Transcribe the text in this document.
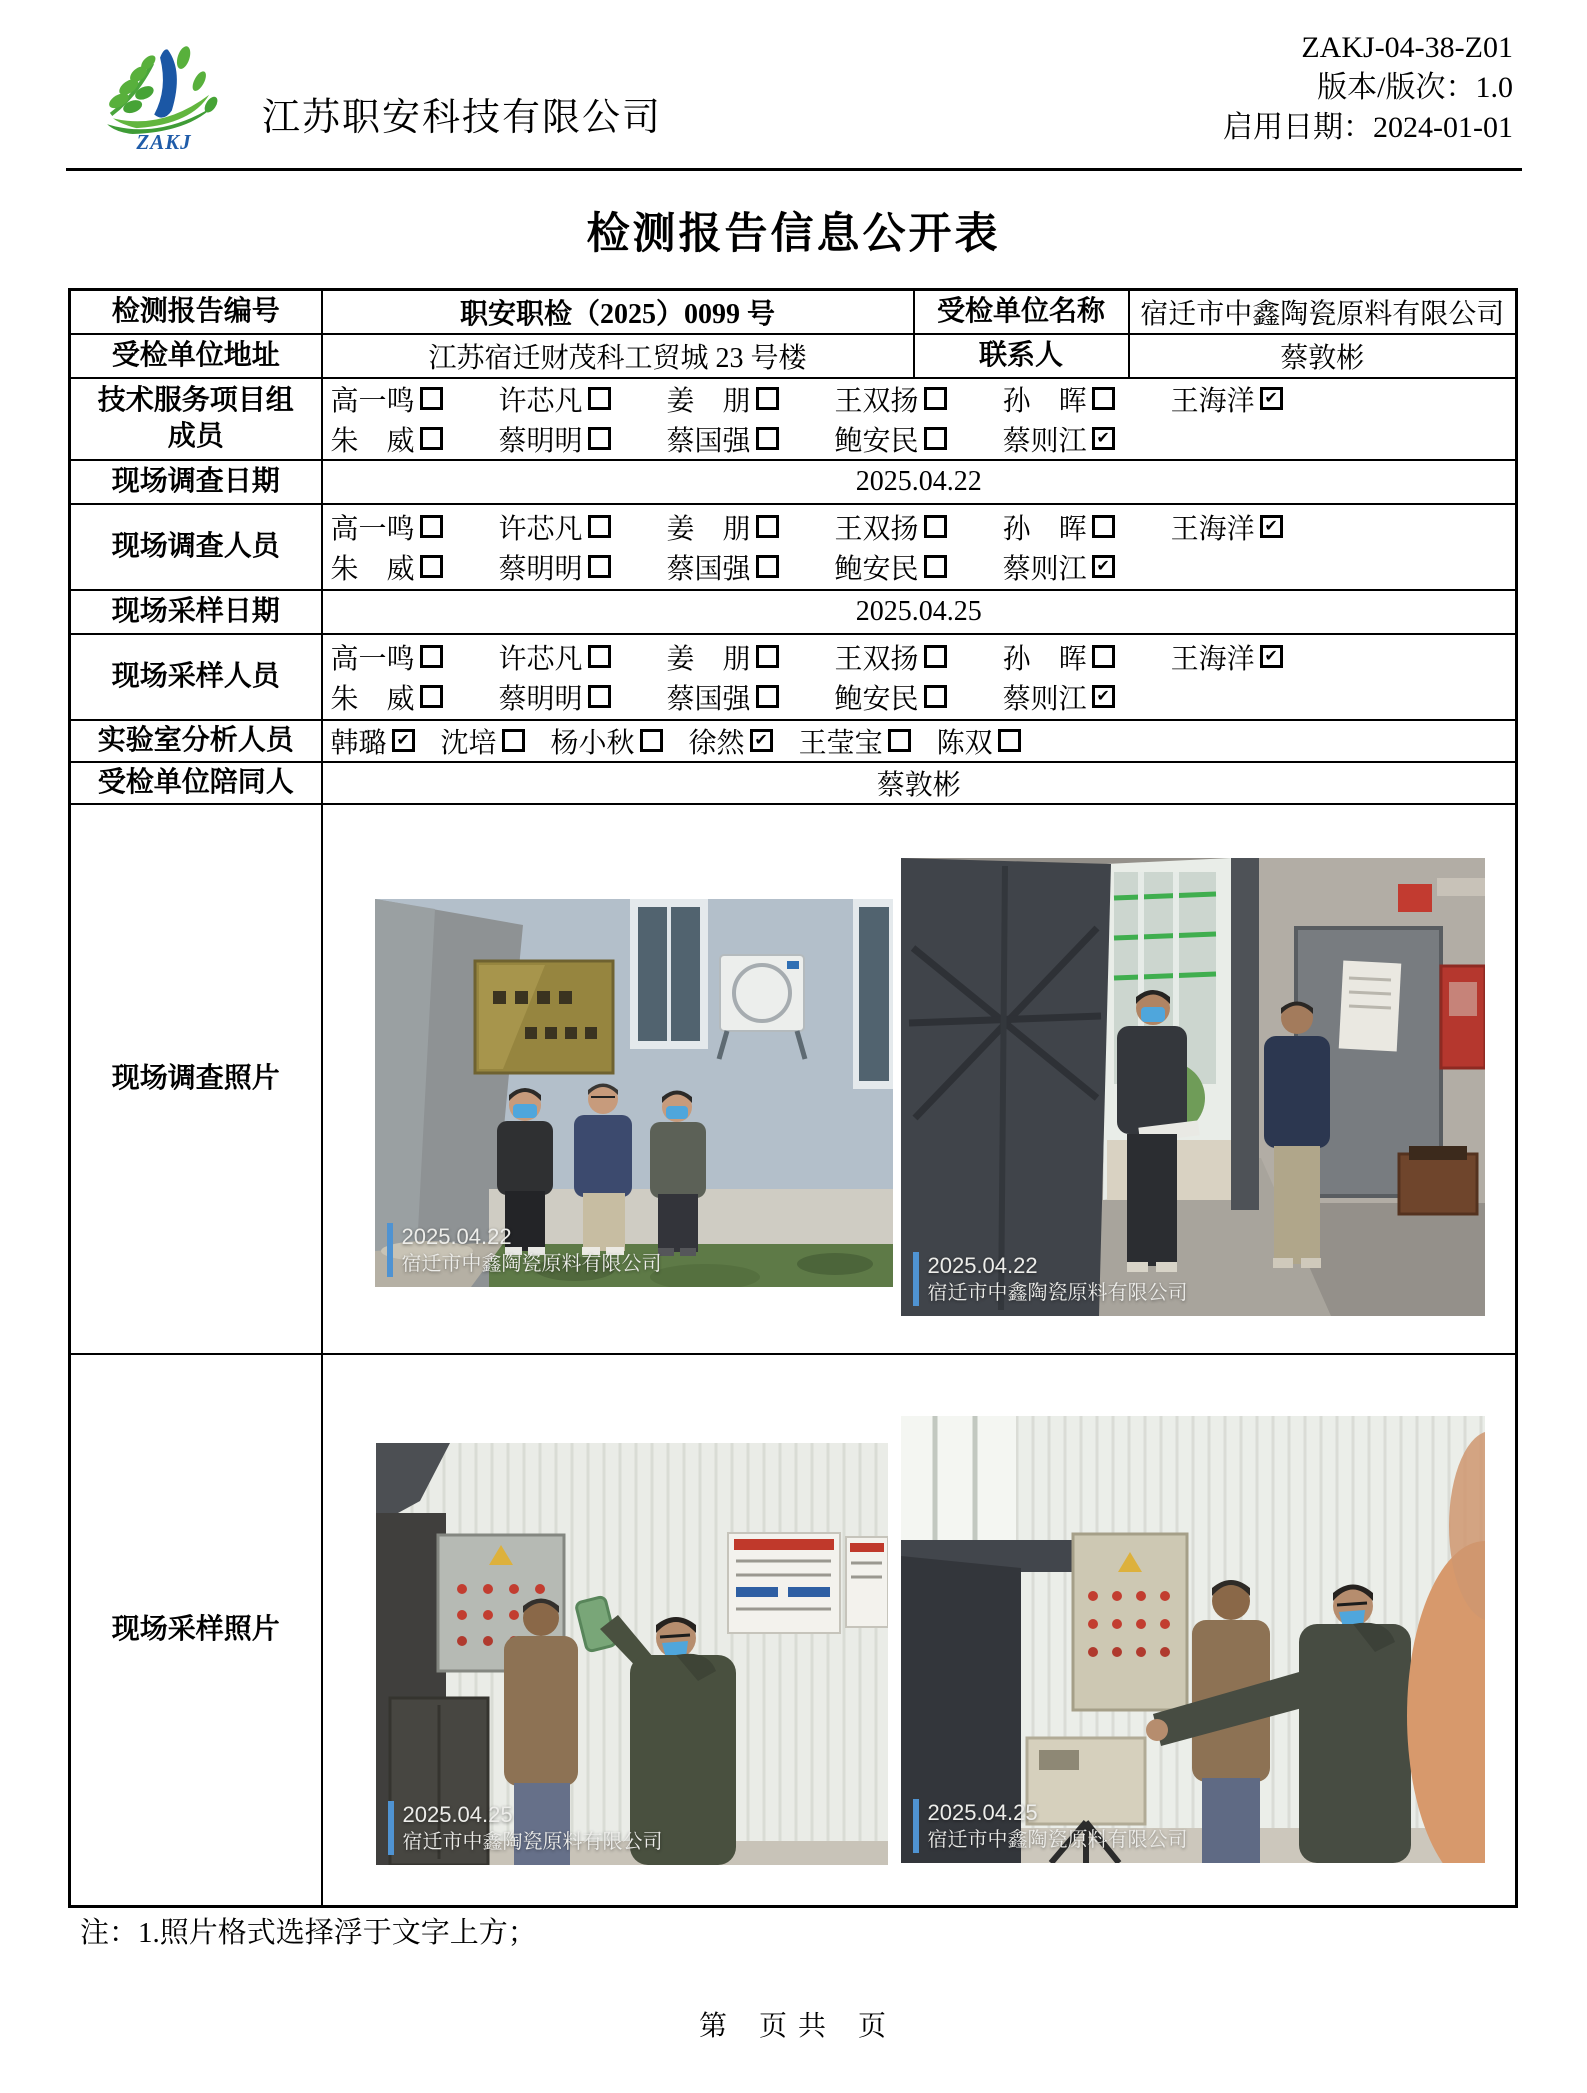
ZAKJ
江苏职安科技有限公司
ZAKJ-04-38-Z01
版本/版次：1.0
启用日期：2024-01-01
检测报告信息公开表
检测报告编号	职安职检（2025）0099 号	受检单位名称	宿迁市中鑫陶瓷原料有限公司
受检单位地址	江苏宿迁财茂科工贸城 23 号楼	联系人	蔡敦彬

技术服务项目组
成员

高一鸣	许芯凡	姜　朋	王双扬	孙　晖	王海洋 ✔
朱　威	蔡明明	蔡国强	鲍安民	蔡则江 ✔

现场调查日期	2025.04.22		
现场调查人员	
高一鸣	许芯凡	姜　朋	王双扬	孙　晖	王海洋 ✔
朱　威	蔡明明	蔡国强	鲍安民	蔡则江 ✔

现场采样日期	2025.04.25		
现场采样人员	
高一鸣	许芯凡	姜　朋	王双扬	孙　晖	王海洋 ✔
朱　威	蔡明明	蔡国强	鲍安民	蔡则江 ✔

实验室分析人员	韩璐 ✔ 沈培 杨小秋 徐然 ✔ 王莹宝 陈双

受检单位陪同人	蔡敦彬		
现场调查照片	2025.04.22
宿迁市中鑫陶瓷原料有限公司 2025.04.22
宿迁市中鑫陶瓷原料有限公司		

现场采样照片	2025.04.25
宿迁市中鑫陶瓷原料有限公司
2025.04.25
宿迁市中鑫陶瓷原料有限公司		

注：1.照片格式选择浮于文字上方；

第　页 共　页
